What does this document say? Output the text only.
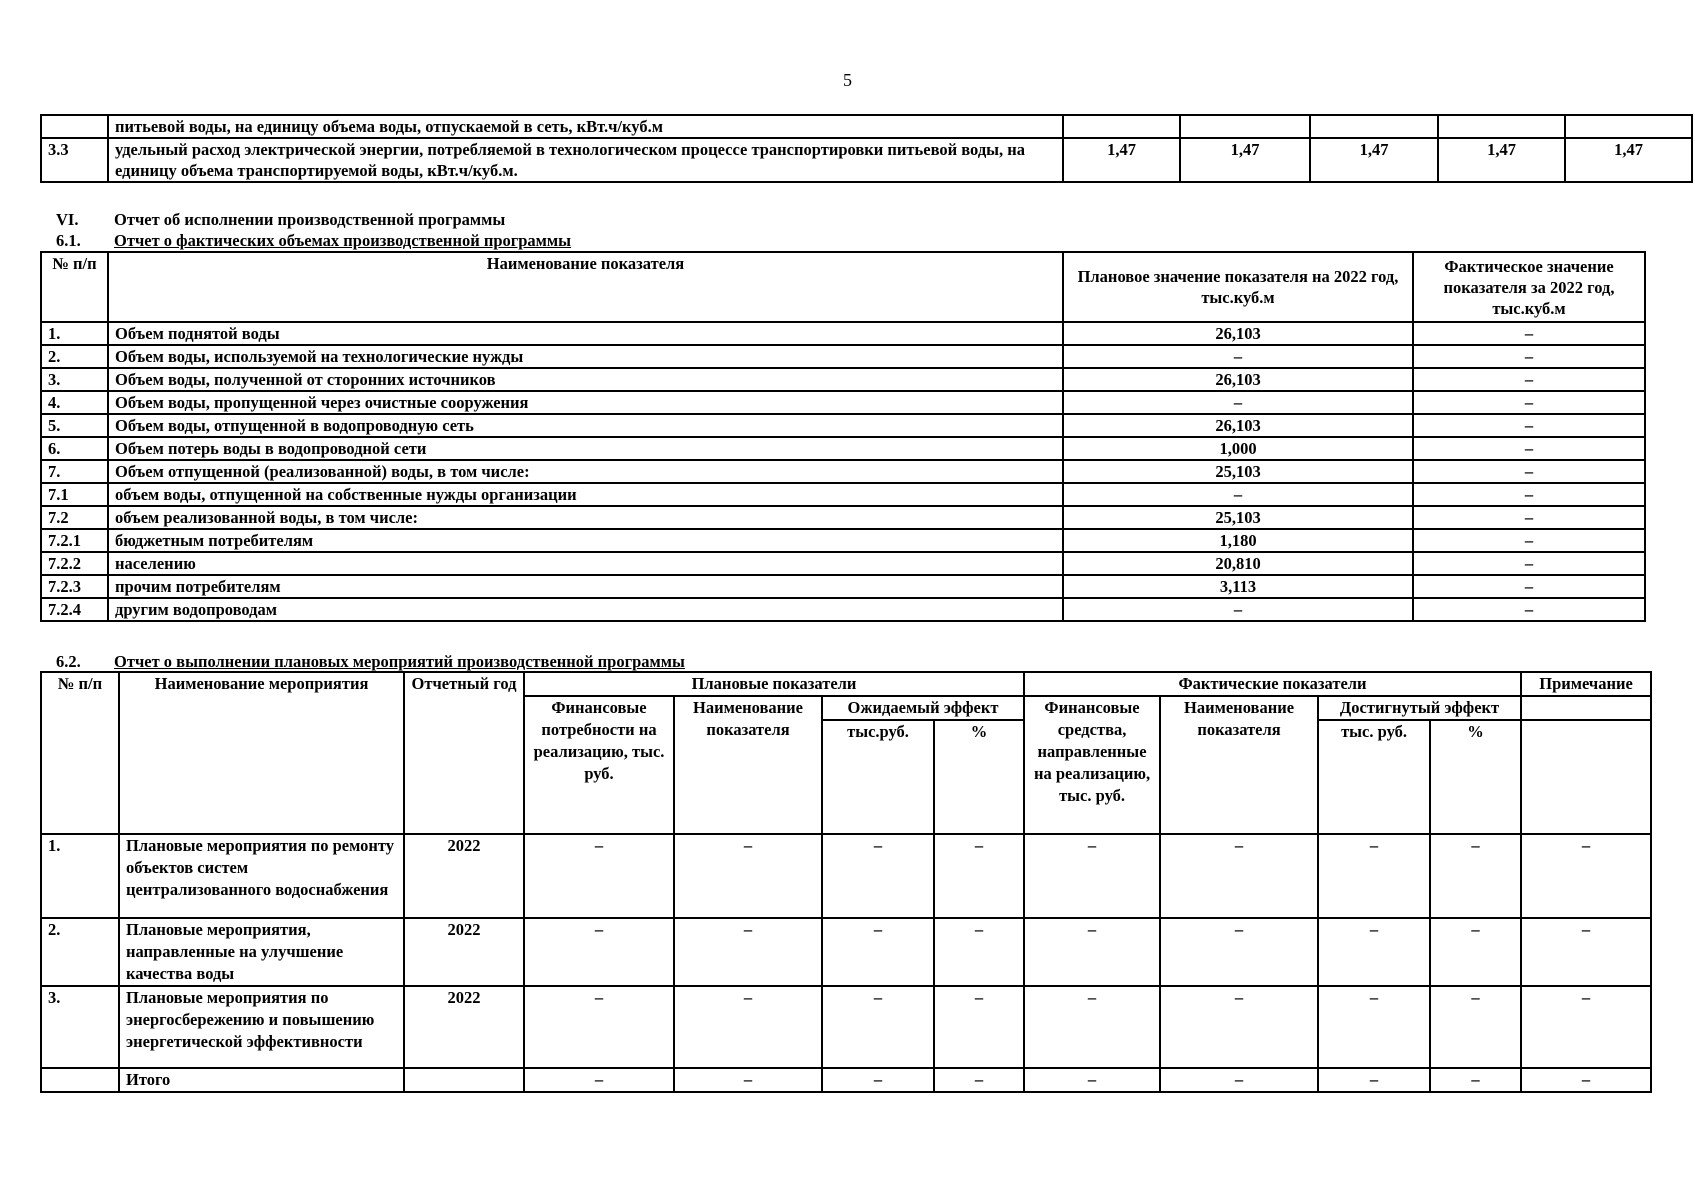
5
	питьевой воды, на единицу объема воды, отпускаемой в сеть, кВт.ч/куб.м					
3.3	удельный расход электрической энергии, потребляемой в технологическом процессе транспортировки питьевой воды, на единицу объема транспортируемой воды, кВт.ч/куб.м.	1,47	1,47	1,47	1,47	1,47
VI. Отчет об исполнении производственной программы
6.1. Отчет о фактических объемах производственной программы
№ п/п	Наименование показателя	Плановое значение показателя на 2022 год, тыс.куб.м	Фактическое значение показателя за 2022 год, тыс.куб.м
1.	Объем поднятой воды	26,103	–
2.	Объем воды, используемой на технологические нужды	–	–
3.	Объем воды, полученной от сторонних источников	26,103	–
4.	Объем воды, пропущенной через очистные сооружения	–	–
5.	Объем воды, отпущенной в водопроводную сеть	26,103	–
6.	Объем потерь воды в водопроводной сети	1,000	–
7.	Объем отпущенной (реализованной) воды, в том числе:	25,103	–
7.1	объем воды, отпущенной на собственные нужды организации	–	–
7.2	объем реализованной воды, в том числе:	25,103	–
7.2.1	бюджетным потребителям	1,180	–
7.2.2	населению	20,810	–
7.2.3	прочим потребителям	3,113	–
7.2.4	другим водопроводам	–	–
6.2. Отчет о выполнении плановых мероприятий производственной программы
№ п/п	Наименование мероприятия	Отчетный год	Плановые показатели				Фактические показатели				Примечание
			Финансовые потребности на реализацию, тыс. руб.	Наименование показателя	Ожидаемый эффект		Финансовые средства, направленные на реализацию, тыс. руб.	Наименование показателя	Достигнутый эффект		
					тыс.руб.	%			тыс. руб.	%	
1.	Плановые мероприятия по ремонту объектов систем централизованного водоснабжения	2022	–	–	–	–	–	–	–	–	–
2.	Плановые мероприятия, направленные на улучшение качества воды	2022	–	–	–	–	–	–	–	–	–
3.	Плановые мероприятия по энергосбережению и повышению энергетической эффективности	2022	–	–	–	–	–	–	–	–	–
	Итого		–	–	–	–	–	–	–	–	–
